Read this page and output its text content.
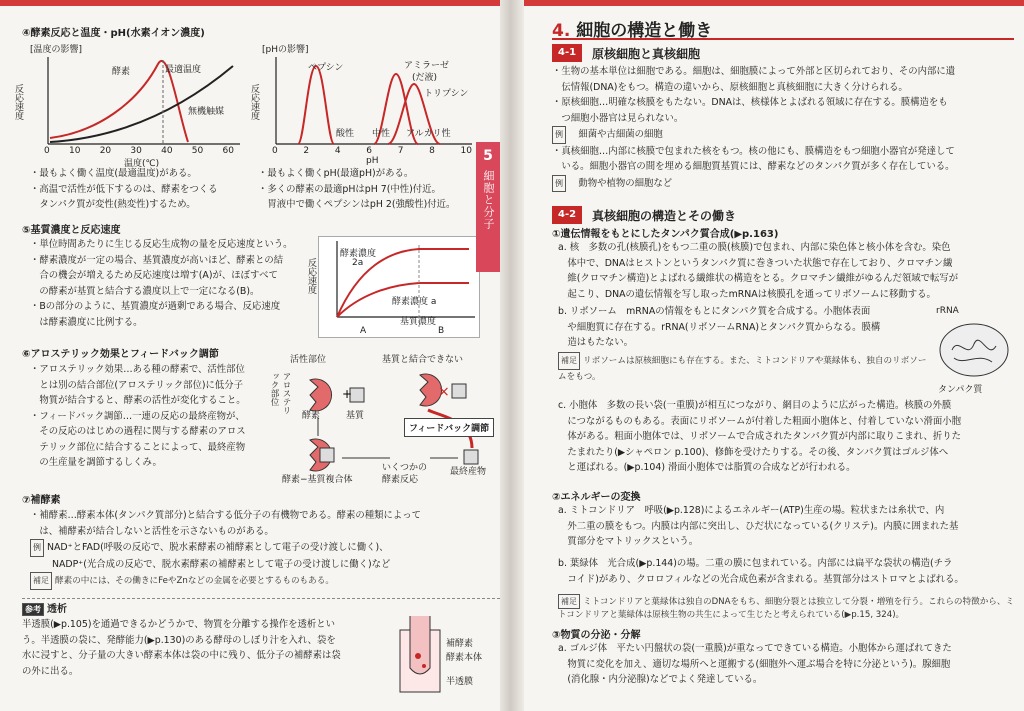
④酵素反応と温度・pH(水素イオン濃度)
[温度の影響]
反応速度
酵素	最適温度
無機触媒
0 10 20 30 40 50 60
温度(℃)
[pHの影響]
反応速度
ペプシン	アミラーゼ
(だ液)
トリプシン
酸性 中性 アルカリ性
0	2	4	6	7	8	10
pH

・最もよく働く温度(最適温度)がある。

・高温で活性が低下するのは、酵素をつくる

　タンパク質が変性(熱変性)するため。

・最もよく働くpH(最適pH)がある。

・多くの酵素の最適pHはpH 7(中性)付近。

　胃液中で働くペプシンはpH 2(強酸性)付近。

⑤基質濃度と反応速度

・単位時間あたりに生じる反応生成物の量を反応速度という。

・酵素濃度が一定の場合、基質濃度が高いほど、酵素との結

　合の機会が増えるため反応速度は増す(A)が、ほぼすべて

　の酵素が基質と結合する濃度以上で一定になる(B)。

・Bの部分のように、基質濃度が過剰である場合、反応速度

　は酵素濃度に比例する。

反応速度
酵素濃度
2a
酵素濃度 a
基質濃度
A	B
⑥アロステリック効果とフィードバック調節

・アロステリック効果…ある種の酵素で、活性部位

　とは別の結合部位(アロステリック部位)に低分子

　物質が結合すると、酵素の活性が変化すること。

・フィードバック調節…一連の反応の最終産物が、

　その反応のはじめの過程に関与する酵素のアロス

　テリック部位に結合することによって、最終産物

　の生産量を調節するしくみ。

+	×
活性部位
アロステリック部位
酵素	基質
基質と結合できない
フィードバック調節
酵素−基質複合体
いくつかの
酵素反応
最終産物
⑦補酵素

・補酵素…酵素本体(タンパク質部分)と結合する低分子の有機物である。酵素の種類によって

　は、補酵素が結合しないと活性を示さないものがある。

例 NAD⁺とFAD(呼吸の反応で、脱水素酵素の補酵素として電子の受け渡しに働く)、

NADP⁺(光合成の反応で、脱水素酵素の補酵素として電子の受け渡しに働く)など

補足 酵素の中には、その働きにFeやZnなどの金属を必要とするものもある。

参考 透析

半透膜(▶p.105)を通過できるかどうかで、物質を分離する操作を透析とい

う。半透膜の袋に、発酵能力(▶p.130)のある酵母のしぼり汁を入れ、袋を

水に浸すと、分子量の大きい酵素本体は袋の中に残り、低分子の補酵素は袋

の外に出る。

補酵素
酵素本体
半透膜
5
細胞と分子
4. 細胞の構造と働き
4-1	原核細胞と真核細胞

・生物の基本単位は細胞である。細胞は、細胞膜によって外部と区切られており、その内部に遺

　伝情報(DNA)をもつ。構造の違いから、原核細胞と真核細胞に大きく分けられる。

・原核細胞…明確な核膜をもたない。DNAは、核様体とよばれる領域に存在する。膜構造をも

　つ細胞小器官は見られない。

例　細菌や古細菌の細胞

・真核細胞…内部に核膜で包まれた核をもつ。核の他にも、膜構造をもつ細胞小器官が発達して

　いる。細胞小器官の間を埋める細胞質基質には、酵素などのタンパク質が多く存在している。

例　動物や植物の細胞など

4-2	真核細胞の構造とその働き
①遺伝情報をもとにしたタンパク質合成(▶p.163)

a. 核　多数の孔(核膜孔)をもつ二重の膜(核膜)で包まれ、内部に染色体と核小体を含む。染色

　体中で、DNAはヒストンというタンパク質に巻きついた状態で存在しており、クロマチン繊

　維(クロマチン構造)とよばれる繊維状の構造をとる。クロマチン繊維がゆるんだ領域で転写が

　起こり、DNAの遺伝情報を写し取ったmRNAは核膜孔を通ってリボソームに移動する。

b. リボソーム　mRNAの情報をもとにタンパク質を合成する。小胞体表面

　や細胞質に存在する。rRNA(リボソームRNA)とタンパク質からなる。膜構

　造はもたない。

補足 リボソームは原核細胞にも存在する。また、ミトコンドリアや葉緑体も、独自のリボソームをもつ。
rRNA
タンパク質

c. 小胞体　多数の長い袋(一重膜)が相互につながり、網目のように広がった構造。核膜の外膜

　につながるものもある。表面にリボソームが付着した粗面小胞体と、付着していない滑面小胞

　体がある。粗面小胞体では、リボソームで合成されたタンパク質が内部に取りこまれ、折りた

　たまれたり(▶シャペロン p.100)、修飾を受けたりする。その後、タンパク質はゴルジ体へ

　と運ばれる。(▶p.104) 滑面小胞体では脂質の合成などが行われる。

②エネルギーの変換

a. ミトコンドリア　呼吸(▶p.128)によるエネルギー(ATP)生産の場。粒状または糸状で、内

　外二重の膜をもつ。内膜は内部に突出し、ひだ状になっている(クリステ)。内膜に囲まれた基

　質部分をマトリックスという。

b. 葉緑体　光合成(▶p.144)の場。二重の膜に包まれている。内部には扁平な袋状の構造(チラ

　コイド)があり、クロロフィルなどの光合成色素が含まれる。基質部分はストロマとよばれる。

補足 ミトコンドリアと葉緑体は独自のDNAをもち、細胞分裂とは独立して分裂・増殖を行う。これらの特徴から、ミトコンドリアと葉緑体は原核生物の共生によって生じたと考えられている(▶p.15, 324)。
③物質の分泌・分解

a. ゴルジ体　平たい円盤状の袋(一重膜)が重なってできている構造。小胞体から運ばれてきた

　物質に変化を加え、適切な場所へと運搬する(細胞外へ運ぶ場合を特に分泌という)。腺細胞

　(消化腺・内分泌腺)などでよく発達している。
